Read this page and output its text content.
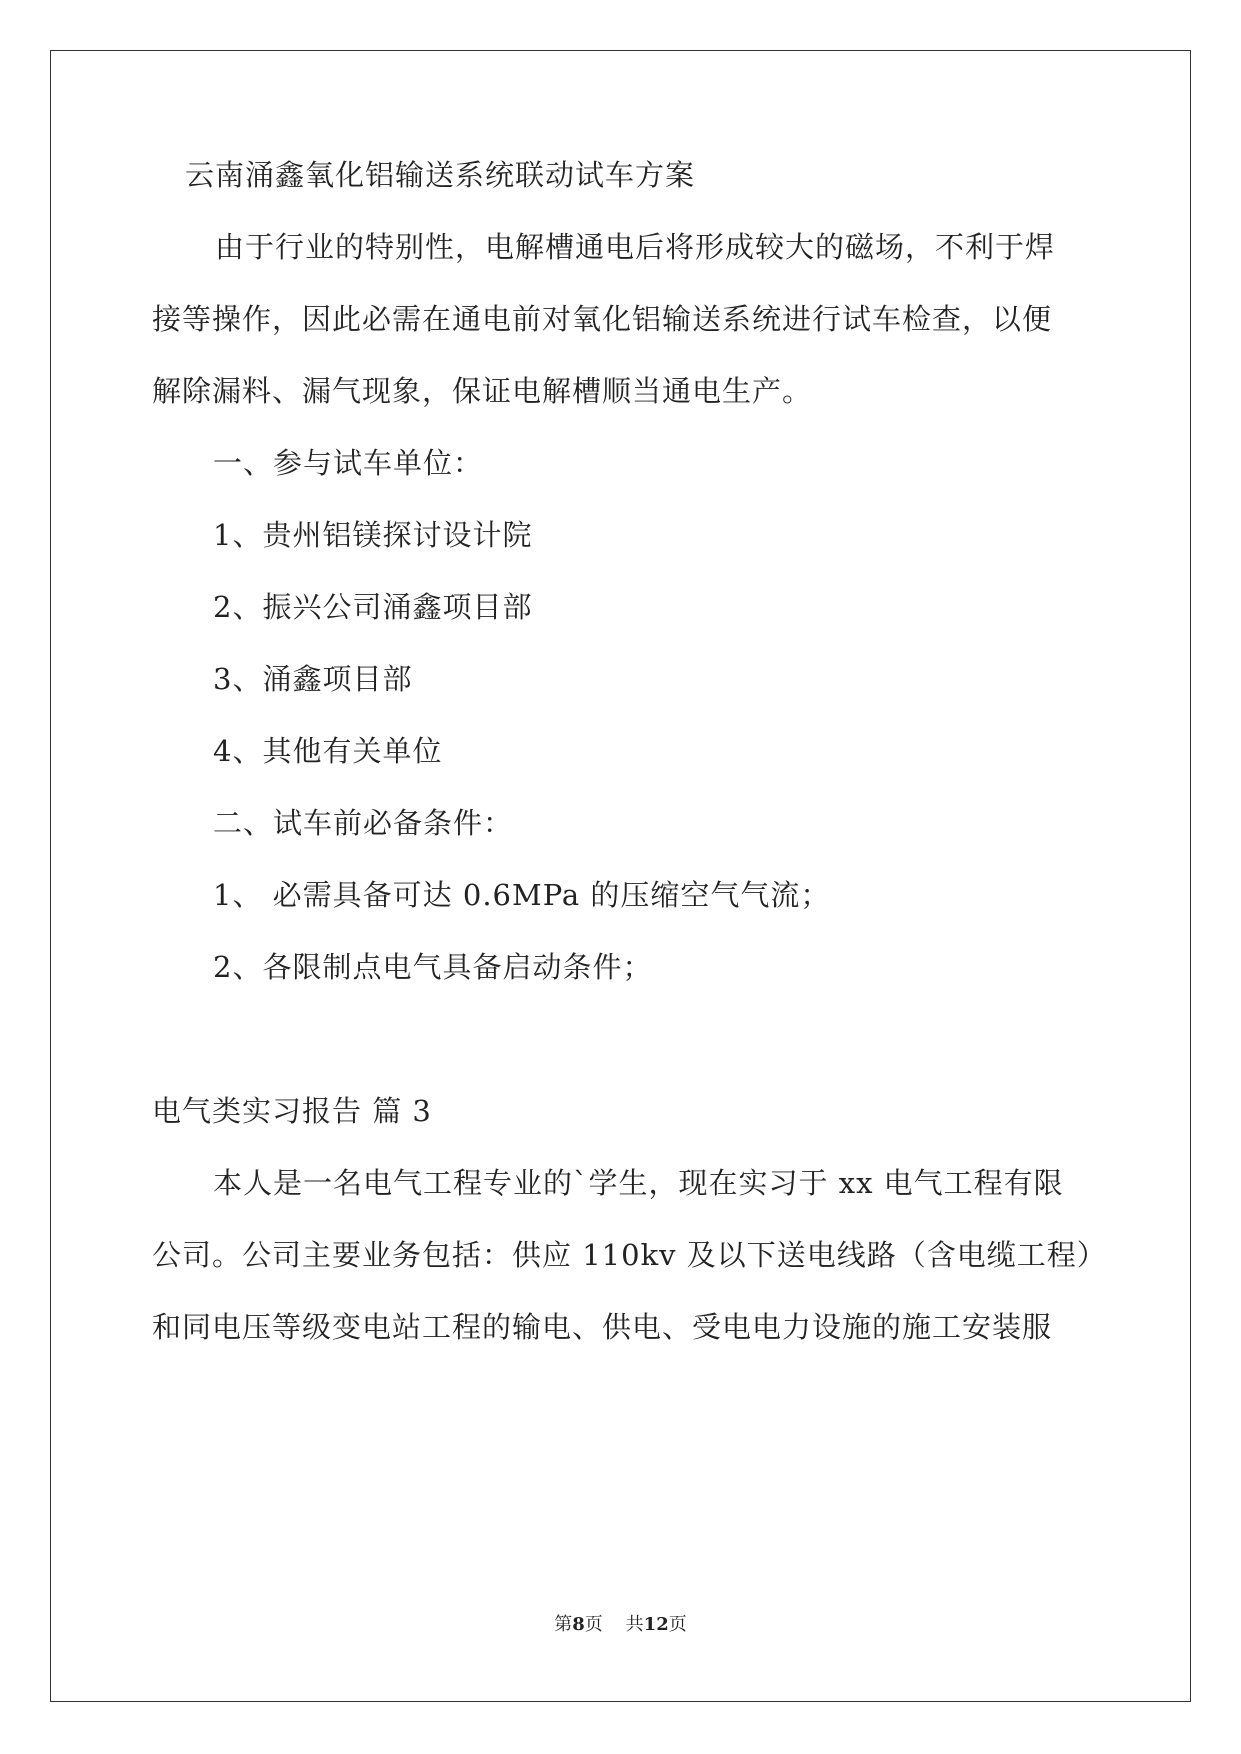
云南涌鑫氧化铝输送系统联动试车方案
由于行业的特别性，电解槽通电后将形成较大的磁场，不利于焊
接等操作，因此必需在通电前对氧化铝输送系统进行试车检查，以便
解除漏料、漏气现象，保证电解槽顺当通电生产。
一、参与试车单位：
1、贵州铝镁探讨设计院
2、振兴公司涌鑫项目部
3、涌鑫项目部
4、其他有关单位
二、试车前必备条件：
1、 必需具备可达 0.6MPa 的压缩空气气流；
2、各限制点电气具备启动条件；
电气类实习报告 篇 3
本人是一名电气工程专业的`学生，现在实习于 xx 电气工程有限
公司。公司主要业务包括：供应 110kv 及以下送电线路（含电缆工程）
和同电压等级变电站工程的输电、供电、受电电力设施的施工安装服
第8页 共12页
